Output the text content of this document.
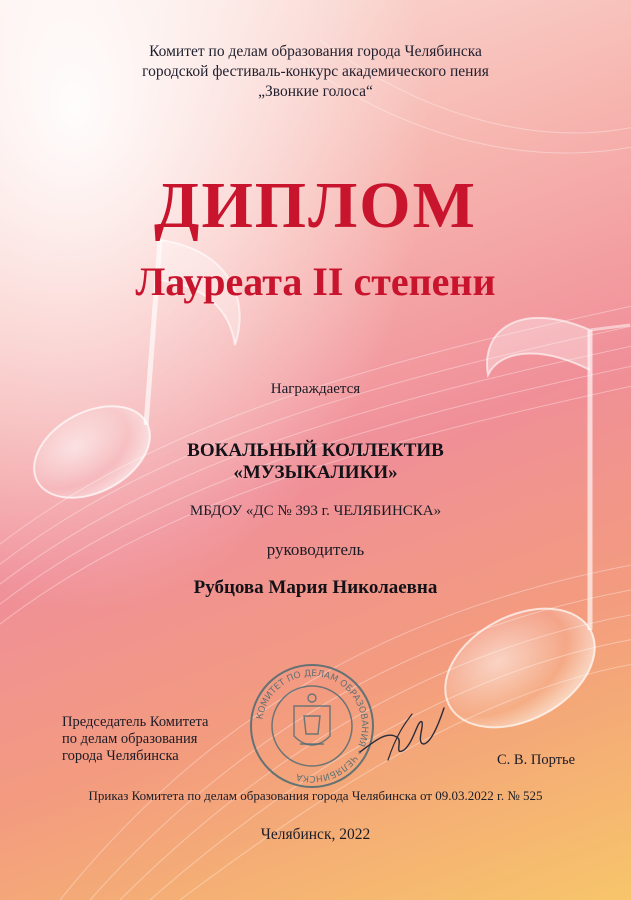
Комитет по делам образования города Челябинска
городской фестиваль-конкурс академического пения
„Звонкие голоса“
ДИПЛОМ
Лауреата II степени
Награждается
ВОКАЛЬНЫЙ КОЛЛЕКТИВ
«МУЗЫКАЛИКИ»
МБДОУ «ДС № 393 г. ЧЕЛЯБИНСКА»
руководитель
Рубцова Мария Николаевна
Председатель Комитета
по делам образования
города Челябинска
КОМИТЕТ ПО ДЕЛАМ ОБРАЗОВАНИЯ * ЧЕЛЯБИНСКА
С. В. Портье
Приказ Комитета по делам образования города Челябинска от 09.03.2022 г. № 525
Челябинск, 2022
